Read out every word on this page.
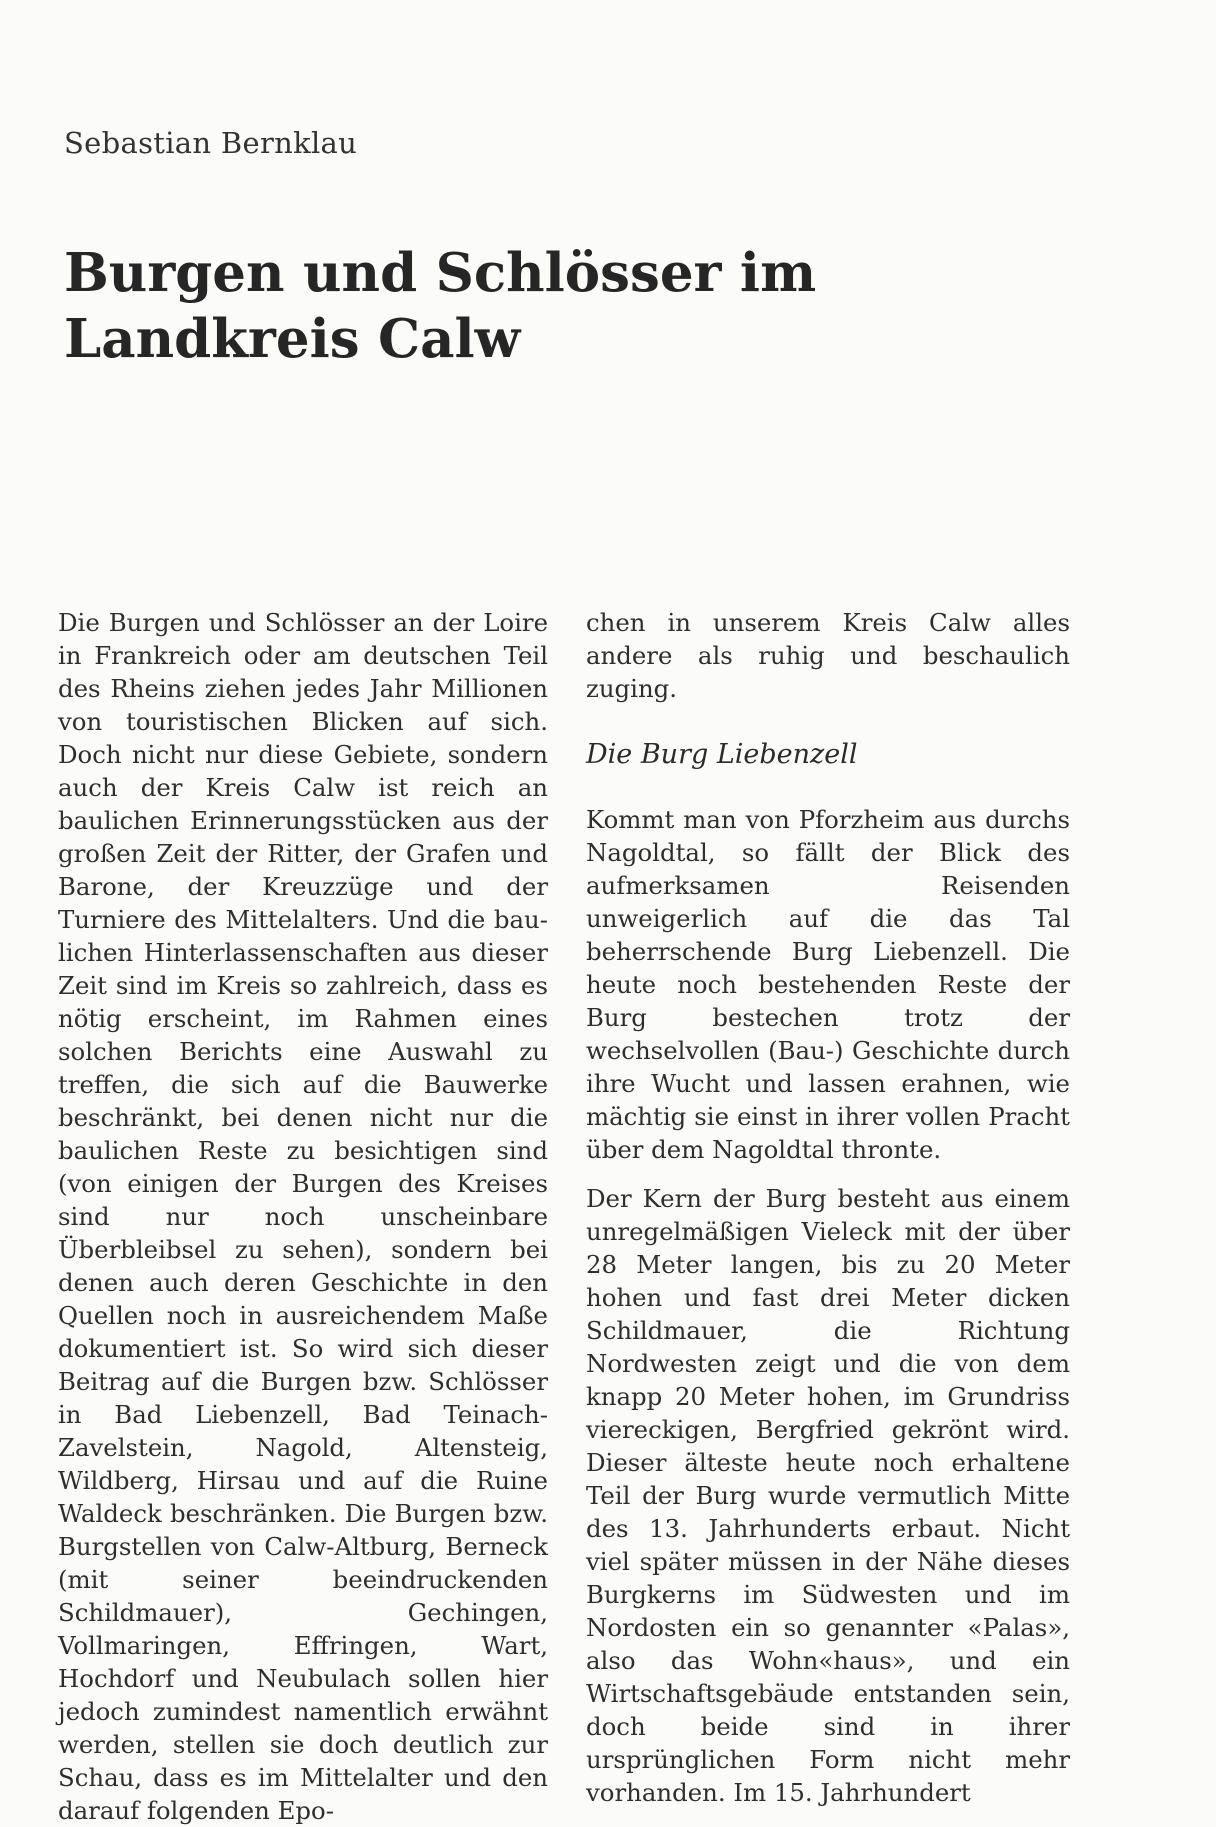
Sebastian Bernklau
Burgen und Schlösser im Landkreis Calw

Die Burgen und Schlösser an der Loire in Frankreich oder am deutschen Teil des Rheins ziehen jedes Jahr Millionen von touristischen Blicken auf sich. Doch nicht nur diese Gebiete, sondern auch der Kreis Calw ist reich an baulichen Erinnerungsstücken aus der großen Zeit der Ritter, der Grafen und Barone, der Kreuzzüge und der Turniere des Mittelalters. Und die baulichen Hinterlassenschaften aus dieser Zeit sind im Kreis so zahlreich, dass es nötig erscheint, im Rahmen eines solchen Berichts eine Auswahl zu treffen, die sich auf die Bauwerke beschränkt, bei denen nicht nur die baulichen Reste zu besichtigen sind (von einigen der Burgen des Kreises sind nur noch unscheinbare Überbleibsel zu sehen), sondern bei denen auch deren Geschichte in den Quellen noch in ausreichendem Maße dokumentiert ist. So wird sich dieser Beitrag auf die Burgen bzw. Schlösser in Bad Liebenzell, Bad Teinach-Zavelstein, Nagold, Altensteig, Wildberg, Hirsau und auf die Ruine Waldeck beschränken. Die Burgen bzw. Burgstellen von Calw-Altburg, Berneck (mit seiner beeindruckenden Schildmauer), Gechingen, Vollmaringen, Effringen, Wart, Hochdorf und Neubulach sollen hier jedoch zumindest namentlich erwähnt werden, stellen sie doch deutlich zur Schau, dass es im Mittelalter und den darauf folgenden Epo-

chen in unserem Kreis Calw alles andere als ruhig und beschaulich zuging.

Die Burg Liebenzell

Kommt man von Pforzheim aus durchs Nagoldtal, so fällt der Blick des aufmerksamen Reisenden unweigerlich auf die das Tal beherrschende Burg Liebenzell. Die heute noch bestehenden Reste der Burg bestechen trotz der wechselvollen (Bau-) Geschichte durch ihre Wucht und lassen erahnen, wie mächtig sie einst in ihrer vollen Pracht über dem Nagoldtal thronte.

Der Kern der Burg besteht aus einem unregelmäßigen Vieleck mit der über 28 Meter langen, bis zu 20 Meter hohen und fast drei Meter dicken Schildmauer, die Richtung Nordwesten zeigt und die von dem knapp 20 Meter hohen, im Grundriss viereckigen, Bergfried gekrönt wird. Dieser älteste heute noch erhaltene Teil der Burg wurde vermutlich Mitte des 13. Jahrhunderts erbaut. Nicht viel später müssen in der Nähe dieses Burgkerns im Südwesten und im Nordosten ein so genannter «Palas», also das Wohn«haus», und ein Wirtschaftsgebäude entstanden sein, doch beide sind in ihrer ursprünglichen Form nicht mehr vorhanden. Im 15. Jahrhundert
